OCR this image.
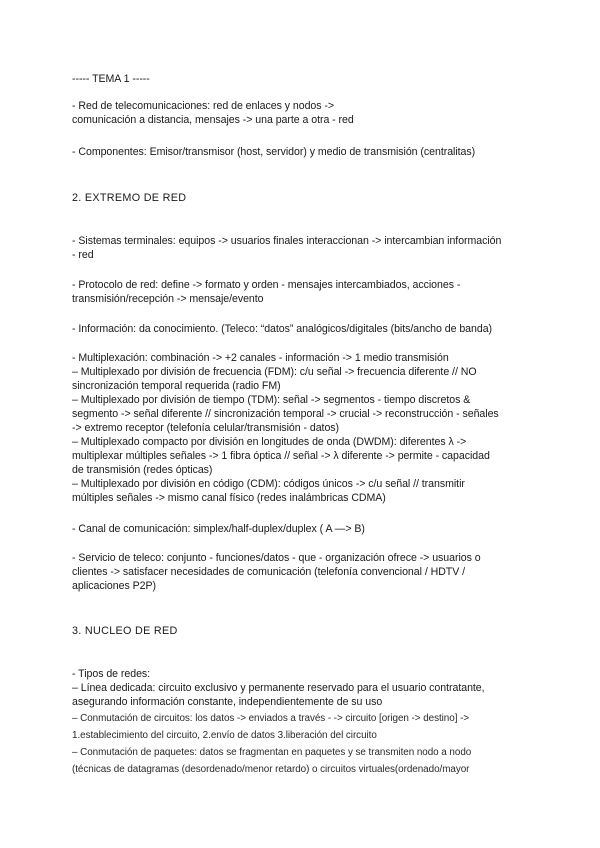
----- TEMA 1 -----
- Red de telecomunicaciones: red de enlaces y nodos ->
comunicación a distancia, mensajes -> una parte a otra - red
- Componentes: Emisor/transmisor (host, servidor) y medio de transmisión (centralitas)
2. EXTREMO DE RED
- Sistemas terminales: equipos -> usuarios finales interaccionan -> intercambian información
- red
- Protocolo de red: define -> formato y orden - mensajes intercambiados, acciones -
transmisión/recepción -> mensaje/evento
- Información: da conocimiento. (Teleco: “datos” analógicos/digitales (bits/ancho de banda)
- Multiplexación: combinación -> +2 canales - información -> 1 medio transmisión
– Multiplexado por división de frecuencia (FDM): c/u señal -> frecuencia diferente // NO
sincronización temporal requerida (radio FM)
– Multiplexado por división de tiempo (TDM): señal -> segmentos - tiempo discretos &
segmento -> señal diferente // sincronización temporal -> crucial -> reconstrucción - señales
-> extremo receptor (telefonía celular/transmisión - datos)
– Multiplexado compacto por división en longitudes de onda (DWDM): diferentes λ ->
multiplexar múltiples señales -> 1 fibra óptica // señal -> λ diferente -> permite - capacidad
de transmisión (redes ópticas)
– Multiplexado por división en código (CDM): códigos únicos -> c/u señal // transmitir
múltiples señales -> mismo canal físico (redes inalámbricas CDMA)
- Canal de comunicación: simplex/half-duplex/duplex ( A —> B)
- Servicio de teleco: conjunto - funciones/datos - que - organización ofrece -> usuarios o
clientes -> satisfacer necesidades de comunicación (telefonía convencional / HDTV /
aplicaciones P2P)
3. NUCLEO DE RED
- Tipos de redes:
– Línea dedicada: circuito exclusivo y permanente reservado para el usuario contratante,
asegurando información constante, independientemente de su uso
– Conmutación de circuitos: los datos -> enviados a través - -> circuito [origen -> destino] ->
1.establecimiento del circuito, 2.envío de datos 3.liberación del circuito
– Conmutación de paquetes: datos se fragmentan en paquetes y se transmiten nodo a nodo
(técnicas de datagramas (desordenado/menor retardo) o circuitos virtuales(ordenado/mayor
